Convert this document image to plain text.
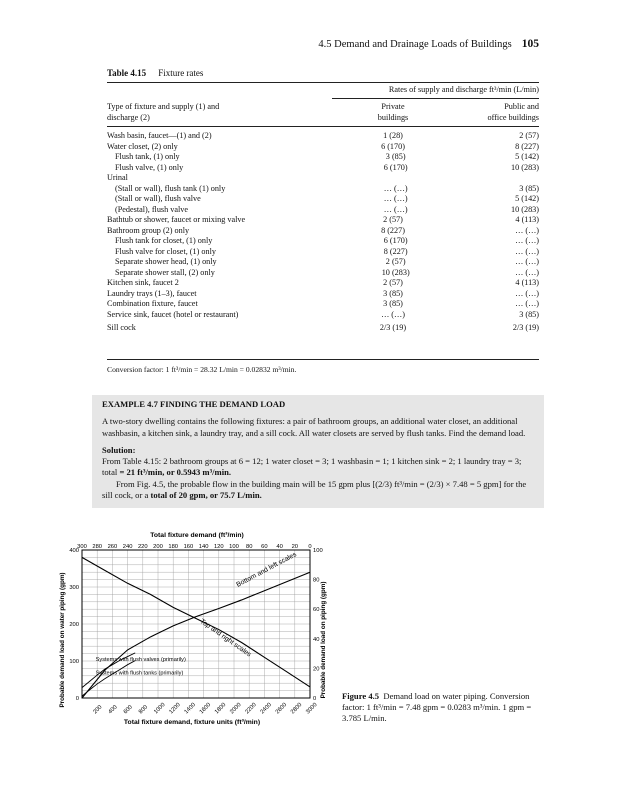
4.5 Demand and Drainage Loads of Buildings 105
Table 4.15 Fixture rates
Rates of supply and discharge ft³/min (L/min)
Type of fixture and supply (1) and	Private	Public and
discharge (2)	buildings	office buildings
Wash basin, faucet—(1) and (2)	1 (28)	2 (57)
Water closet, (2) only	6 (170)	8 (227)
Flush tank, (1) only	3 (85)	5 (142)
Flush valve, (1) only	6 (170)	10 (283)
Urinal
(Stall or wall), flush tank (1) only	… (…)	3 (85)
(Stall or wall), flush valve	… (…)	5 (142)
(Pedestal), flush valve	… (…)	10 (283)
Bathtub or shower, faucet or mixing valve	2 (57)	4 (113)
Bathroom group (2) only	8 (227)	… (…)
Flush tank for closet, (1) only	6 (170)	… (…)
Flush valve for closet, (1) only	8 (227)	… (…)
Separate shower head, (1) only	2 (57)	… (…)
Separate shower stall, (2) only	10 (283)	… (…)
Kitchen sink, faucet 2	2 (57)	4 (113)
Laundry trays (1–3), faucet	3 (85)	… (…)
Combination fixture, faucet	3 (85)	… (…)
Service sink, faucet (hotel or restaurant)	… (…)	3 (85)
Sill cock	2/3 (19)	2/3 (19)
Conversion factor: 1 ft³/min = 28.32 L/min = 0.02832 m³/min.
EXAMPLE 4.7 FINDING THE DEMAND LOAD

A two-story dwelling contains the following fixtures: a pair of bathroom groups, an additional water closet, an additional washbasin, a kitchen sink, a laundry tray, and a sill cock. All water closets are served by flush tanks. Find the demand load.

Solution:

From Table 4.15: 2 bathroom groups at 6 = 12; 1 water closet = 3; 1 washbasin = 1; 1 kitchen sink = 2; 1 laundry tray = 3; total = 21 ft³/min, or 0.5943 m³/min.

From Fig. 4.5, the probable flow in the building main will be 15 gpm plus [(2/3) ft³/min = (2/3) × 7.48 = 5 gpm] for the sill cock, or a total of 20 gpm, or 75.7 L/min.

200 400 600 800 1000 1200 1400 1600 1800 2000 2200 2400 2600 2800 3000
300 280 260 240 220 200 180 160 140 120 100 80 60 40 20 0
400
300
200
100
0
100
80
60
40
20
0
Bottom and left scales
Top and right scales
Systems with flush valves (primarily)
Systems with flush tanks (primarily)
Total fixture demand (ft³/min)
Total fixture demand, fixture units (ft³/min)
Probable demand load on water piping (gpm)	Probable demand load on piping (gpm) Figure 4.5 Demand load on water piping. Conversion factor: 1 ft³/min = 7.48 gpm = 0.0283 m³/min. 1 gpm = 3.785 L/min.
